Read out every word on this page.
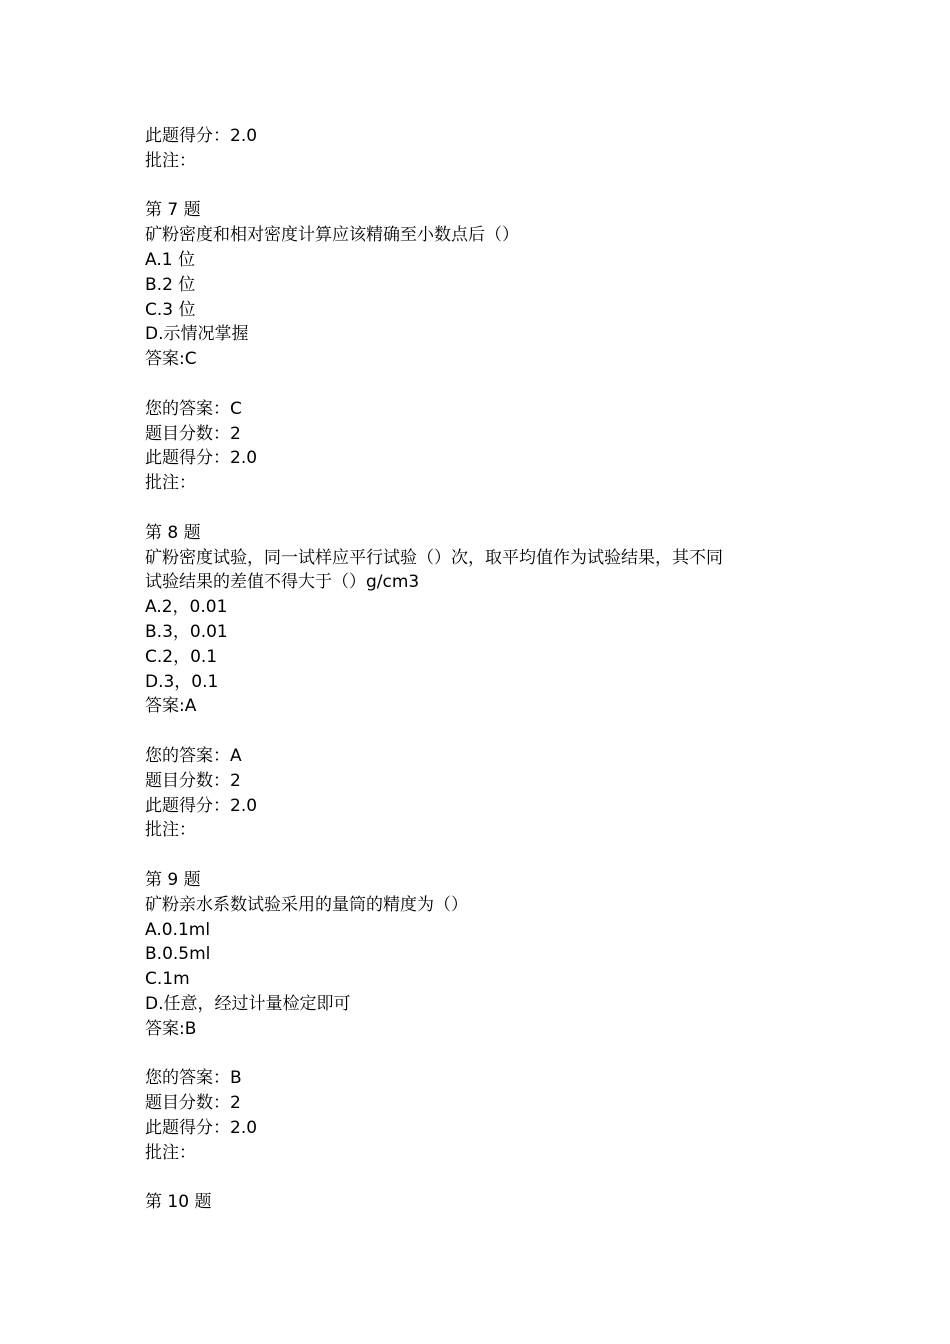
此题得分：2.0
批注：
第 7 题
矿粉密度和相对密度计算应该精确至小数点后（）
A.1 位
B.2 位
C.3 位
D.示情况掌握
答案:C
您的答案：C
题目分数：2
此题得分：2.0
批注：
第 8 题
矿粉密度试验，同一试样应平行试验（）次，取平均值作为试验结果，其不同
试验结果的差值不得大于（）g/cm3
A.2，0.01
B.3，0.01
C.2，0.1
D.3，0.1
答案:A
您的答案：A
题目分数：2
此题得分：2.0
批注：
第 9 题
矿粉亲水系数试验采用的量筒的精度为（）
A.0.1ml
B.0.5ml
C.1m
D.任意，经过计量检定即可
答案:B
您的答案：B
题目分数：2
此题得分：2.0
批注：
第 10 题
